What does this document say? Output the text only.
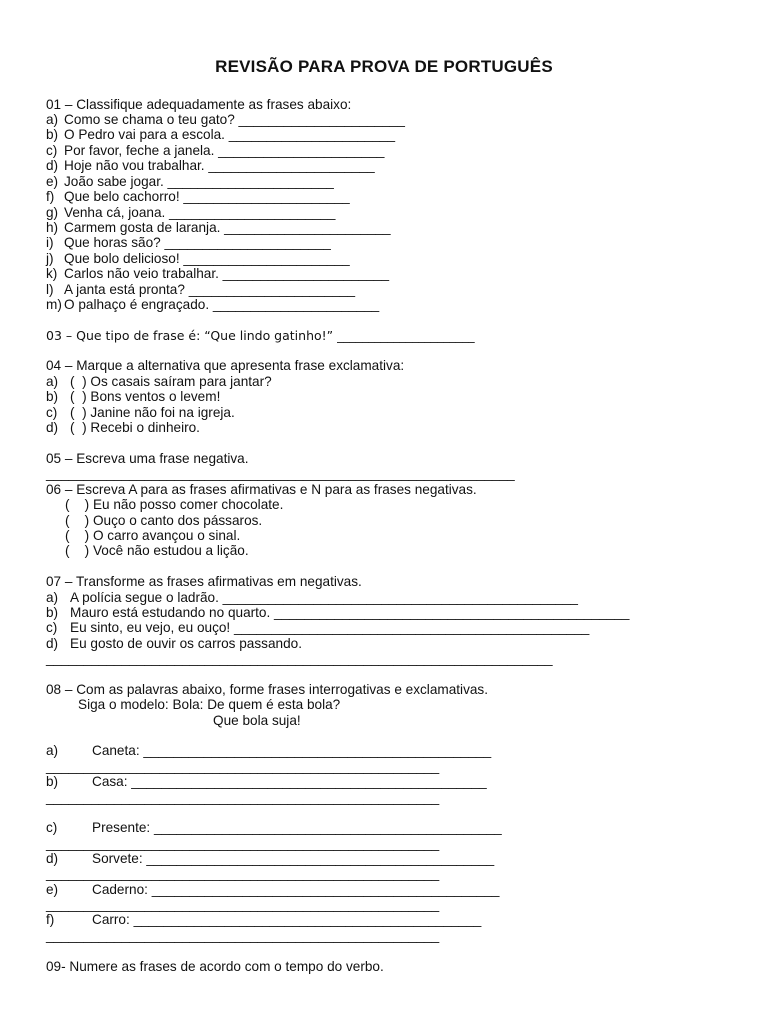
REVISÃO PARA PROVA DE PORTUGUÊS
01 – Classifique adequadamente as frases abaixo:
a) Como se chama o teu gato? ______________________
b) O Pedro vai para a escola. ______________________
c) Por favor, feche a janela. ______________________
d) Hoje não vou trabalhar. ______________________
e) João sabe jogar. ______________________
f) Que belo cachorro! ______________________
g) Venha cá, joana. ______________________
h) Carmem gosta de laranja. ______________________
i) Que horas são? ______________________
j) Que bolo delicioso! ______________________
k) Carlos não veio trabalhar. ______________________
l) A janta está pronta? ______________________
m) O palhaço é engraçado. ______________________
03 – Que tipo de frase é: “Que lindo gatinho!” ______________________
04 – Marque a alternativa que apresenta frase exclamativa:
a) (  ) Os casais saíram para jantar?
b) (  ) Bons ventos o levem!
c) (  ) Janine não foi na igreja.
d) (  ) Recebi o dinheiro.
05 – Escreva uma frase negativa.
______________________________________________________________
06 – Escreva A para as frases afirmativas e N para as frases negativas.
(    ) Eu não posso comer chocolate.
(    ) Ouço o canto dos pássaros.
(    ) O carro avançou o sinal.
(    ) Você não estudou a lição.
07 – Transforme as frases afirmativas em negativas.
a) A polícia segue o ladrão. _______________________________________________
b) Mauro está estudando no quarto. _______________________________________________
c) Eu sinto, eu vejo, eu ouço! _______________________________________________
d) Eu gosto de ouvir os carros passando.
___________________________________________________________________
08 – Com as palavras abaixo, forme frases interrogativas e exclamativas.
Siga o modelo: Bola: De quem é esta bola?
Que bola suja!
a) Caneta: ______________________________________________
____________________________________________________
b) Casa: _______________________________________________
____________________________________________________
c)	Presente: ______________________________________________
____________________________________________________
d) Sorvete: ______________________________________________
____________________________________________________
e) Caderno: ______________________________________________
____________________________________________________
f)	Carro: ______________________________________________
____________________________________________________
09- Numere as frases de acordo com o tempo do verbo.
